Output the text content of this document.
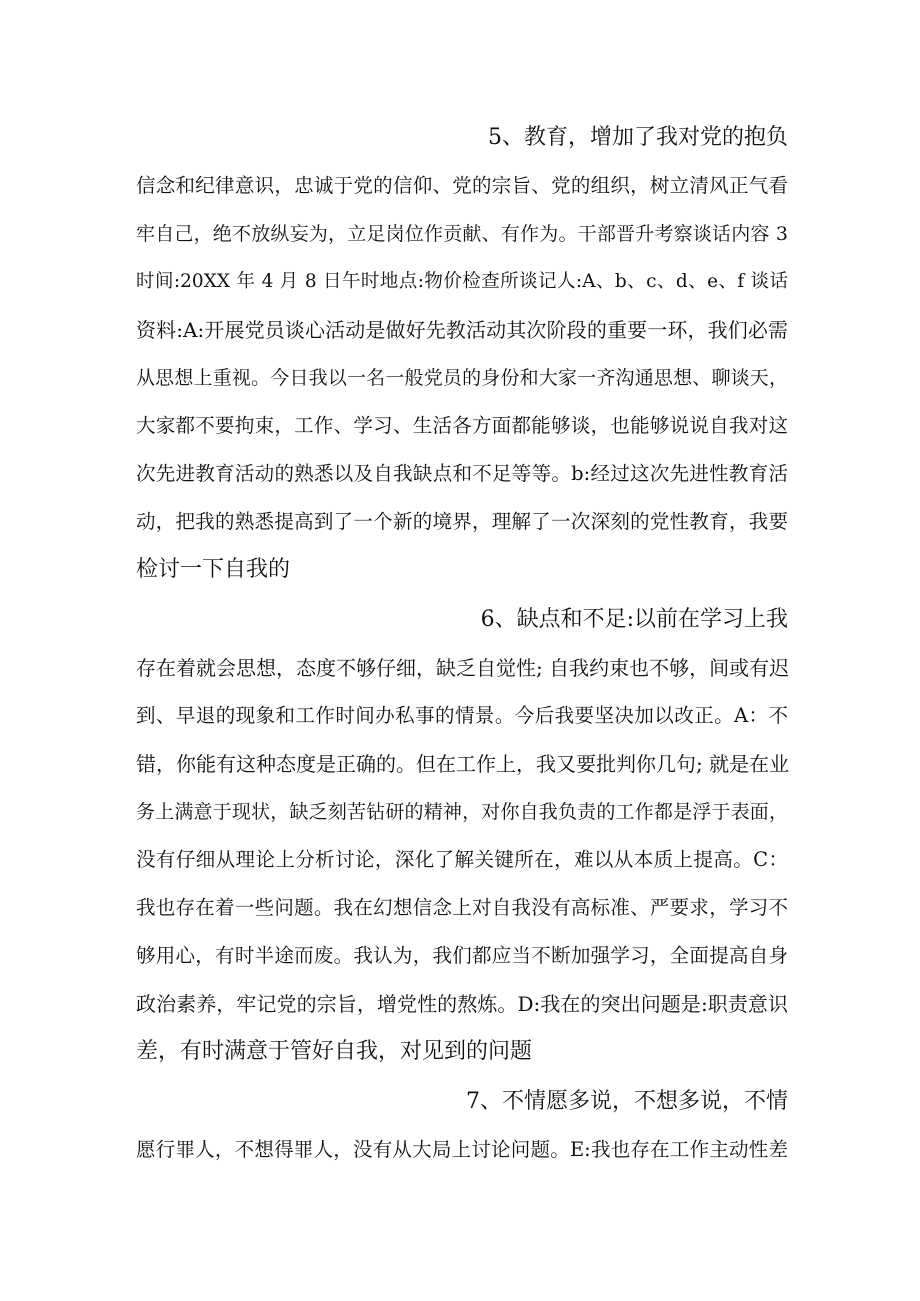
5、教育，增加了我对党的抱负
信念和纪律意识，忠诚于党的信仰、党的宗旨、党的组织，树立清风正气看
牢自己，绝不放纵妄为，立足岗位作贡献、有作为。干部晋升考察谈话内容 3
时间:20XX 年 4 月 8 日午时地点:物价检查所谈记人:A、b、c、d、e、f 谈话
资料:A:开展党员谈心活动是做好先教活动其次阶段的重要一环，我们必需
从思想上重视。今日我以一名一般党员的身份和大家一齐沟通思想、聊谈天，
大家都不要拘束，工作、学习、生活各方面都能够谈，也能够说说自我对这
次先进教育活动的熟悉以及自我缺点和不足等等。b:经过这次先进性教育活
动，把我的熟悉提高到了一个新的境界，理解了一次深刻的党性教育，我要
检讨一下自我的
6、缺点和不足:以前在学习上我
存在着就会思想，态度不够仔细，缺乏自觉性; 自我约束也不够，间或有迟
到、早退的现象和工作时间办私事的情景。今后我要坚决加以改正。A：不
错，你能有这种态度是正确的。但在工作上，我又要批判你几句; 就是在业
务上满意于现状，缺乏刻苦钻研的精神，对你自我负责的工作都是浮于表面，
没有仔细从理论上分析讨论，深化了解关键所在，难以从本质上提高。C：
我也存在着一些问题。我在幻想信念上对自我没有高标准、严要求，学习不
够用心，有时半途而废。我认为，我们都应当不断加强学习，全面提高自身
政治素养，牢记党的宗旨，增党性的熬炼。D:我在的突出问题是:职责意识
差，有时满意于管好自我，对见到的问题
7、不情愿多说，不想多说，不情
愿行罪人，不想得罪人，没有从大局上讨论问题。E:我也存在工作主动性差
